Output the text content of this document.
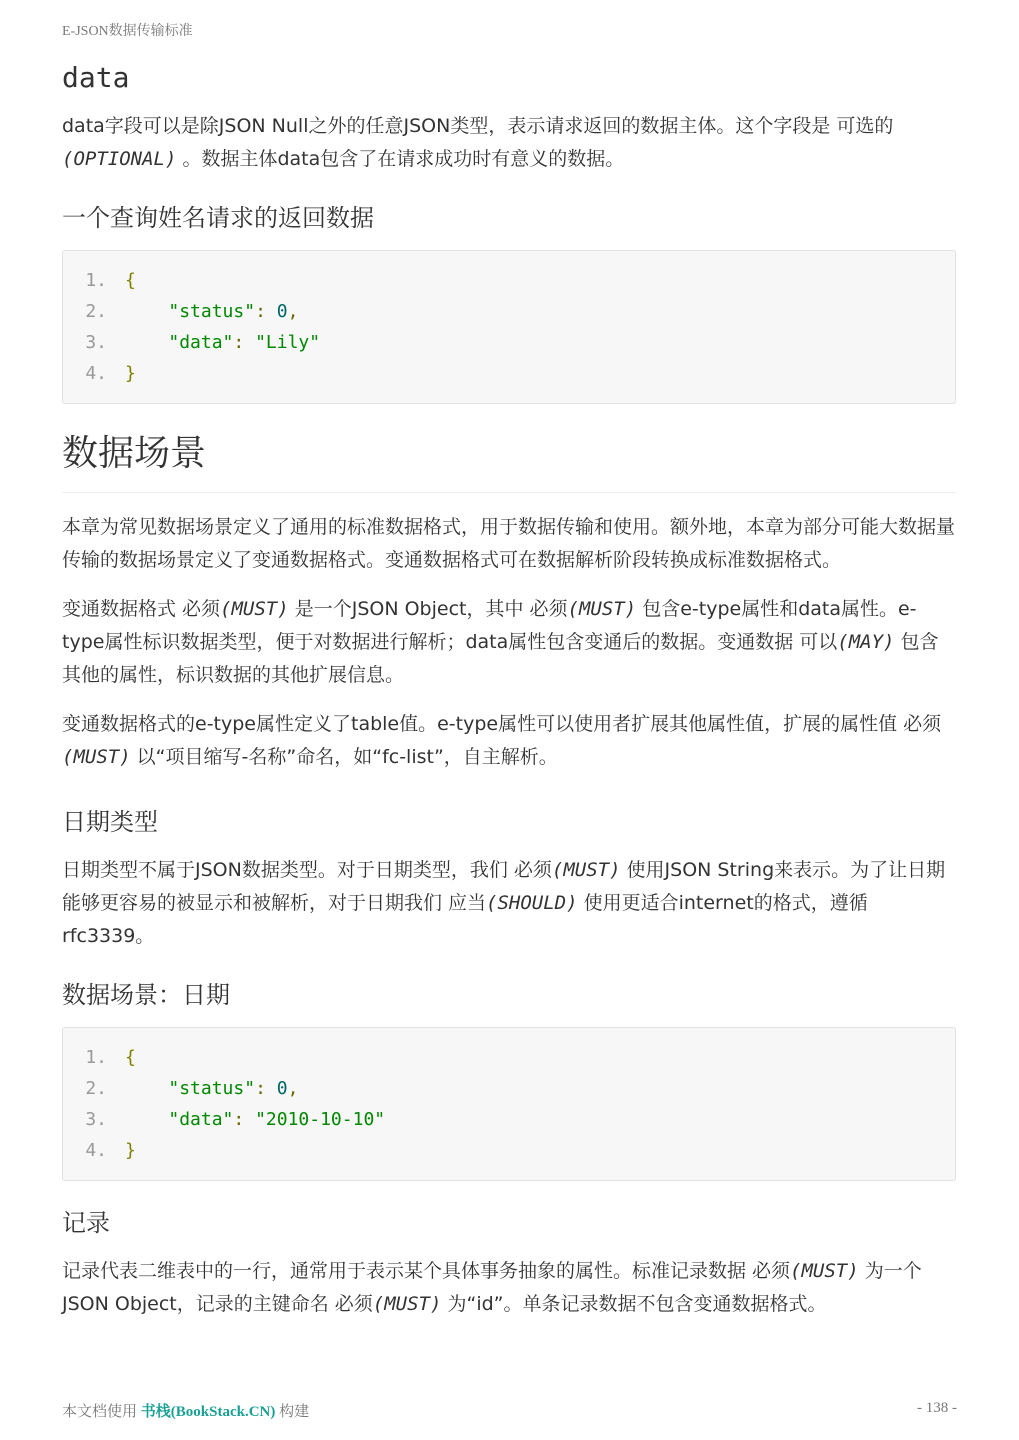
E-JSON数据传输标准
data

data字段可以是除JSON Null之外的任意JSON类型，表示请求返回的数据主体。这个字段是 可选的 (OPTIONAL) 。数据主体data包含了在请求成功时有意义的数据。

一个查询姓名请求的返回数据
1.	{
2.	"status": 0,
3.	"data": "Lily"
4.	}
数据场景

本章为常见数据场景定义了通用的标准数据格式，用于数据传输和使用。额外地，本章为部分可能大数据量传输的数据场景定义了变通数据格式。变通数据格式可在数据解析阶段转换成标准数据格式。

变通数据格式 必须(MUST) 是一个JSON Object，其中 必须(MUST) 包含e-type属性和data属性。e-type属性标识数据类型，便于对数据进行解析；data属性包含变通后的数据。变通数据 可以(MAY) 包含其他的属性，标识数据的其他扩展信息。

变通数据格式的e-type属性定义了table值。e-type属性可以使用者扩展其他属性值，扩展的属性值 必须(MUST) 以“项目缩写-名称”命名，如“fc-list”，自主解析。

日期类型

日期类型不属于JSON数据类型。对于日期类型，我们 必须(MUST) 使用JSON String来表示。为了让日期能够更容易的被显示和被解析，对于日期我们 应当(SHOULD) 使用更适合internet的格式，遵循rfc3339。

数据场景：日期
1.	{
2.	"status": 0,
3.	"data": "2010-10-10"
4.	}
记录

记录代表二维表中的一行，通常用于表示某个具体事务抽象的属性。标准记录数据 必须(MUST) 为一个JSON Object，记录的主键命名 必须(MUST) 为“id”。单条记录数据不包含变通数据格式。

本文档使用 书栈(BookStack.CN) 构建	- 138 -
